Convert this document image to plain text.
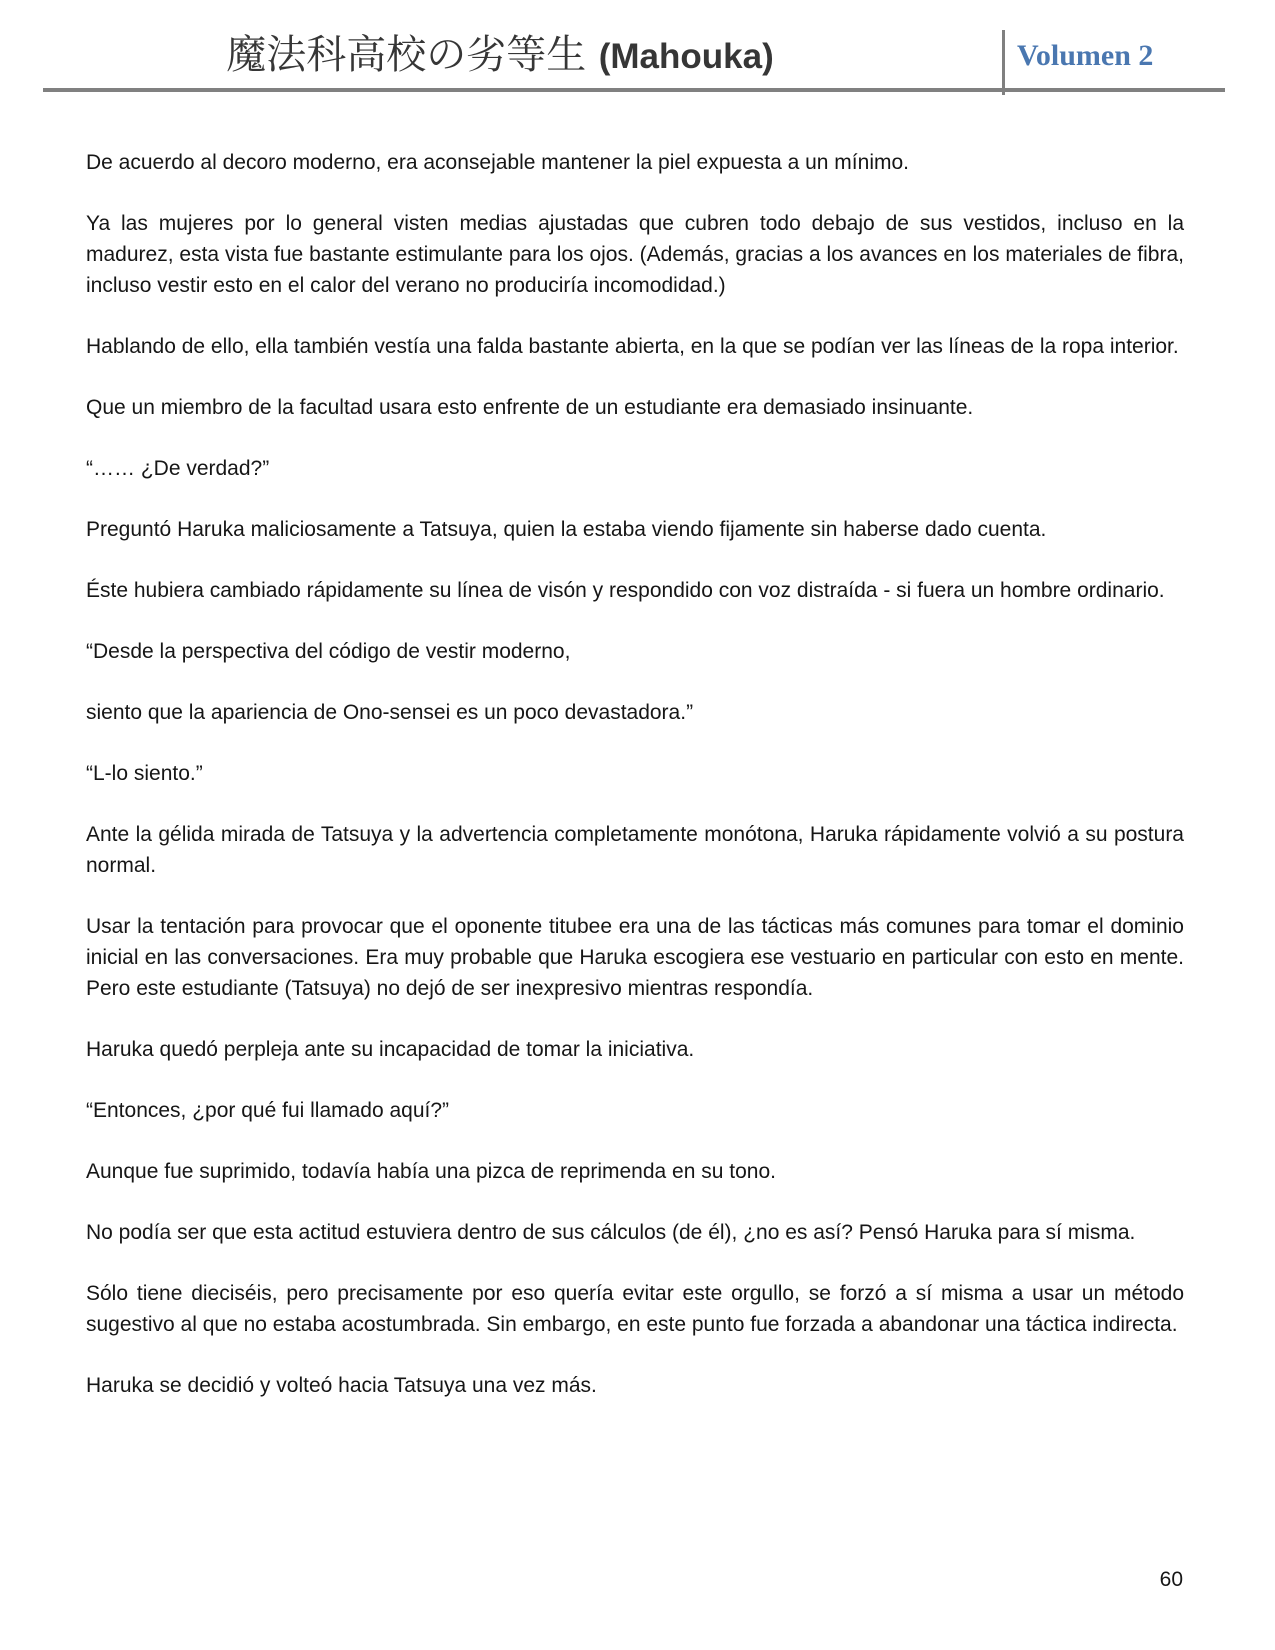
魔法科高校の劣等生 (Mahouka)	Volumen 2

De acuerdo al decoro moderno, era aconsejable mantener la piel expuesta a un mínimo.

Ya las mujeres por lo general visten medias ajustadas que cubren todo debajo de sus vestidos, incluso en la madurez, esta vista fue bastante estimulante para los ojos. (Además, gracias a los avances en los materiales de fibra, incluso vestir esto en el calor del verano no produciría incomodidad.)

Hablando de ello, ella también vestía una falda bastante abierta, en la que se podían ver las líneas de la ropa interior.

Que un miembro de la facultad usara esto enfrente de un estudiante era demasiado insinuante.

“…… ¿De verdad?”

Preguntó Haruka maliciosamente a Tatsuya, quien la estaba viendo fijamente sin haberse dado cuenta.

Éste hubiera cambiado rápidamente su línea de visón y respondido con voz distraída - si fuera un hombre ordinario.

“Desde la perspectiva del código de vestir moderno,

siento que la apariencia de Ono-sensei es un poco devastadora.”

“L-lo siento.”

Ante la gélida mirada de Tatsuya y la advertencia completamente monótona, Haruka rápidamente volvió a su postura normal.

Usar la tentación para provocar que el oponente titubee era una de las tácticas más comunes para tomar el dominio inicial en las conversaciones. Era muy probable que Haruka escogiera ese vestuario en particular con esto en mente. Pero este estudiante (Tatsuya) no dejó de ser inexpresivo mientras respondía.

Haruka quedó perpleja ante su incapacidad de tomar la iniciativa.

“Entonces, ¿por qué fui llamado aquí?”

Aunque fue suprimido, todavía había una pizca de reprimenda en su tono.

No podía ser que esta actitud estuviera dentro de sus cálculos (de él), ¿no es así? Pensó Haruka para sí misma.

Sólo tiene dieciséis, pero precisamente por eso quería evitar este orgullo, se forzó a sí misma a usar un método sugestivo al que no estaba acostumbrada. Sin embargo, en este punto fue forzada a abandonar una táctica indirecta.

Haruka se decidió y volteó hacia Tatsuya una vez más.

60
